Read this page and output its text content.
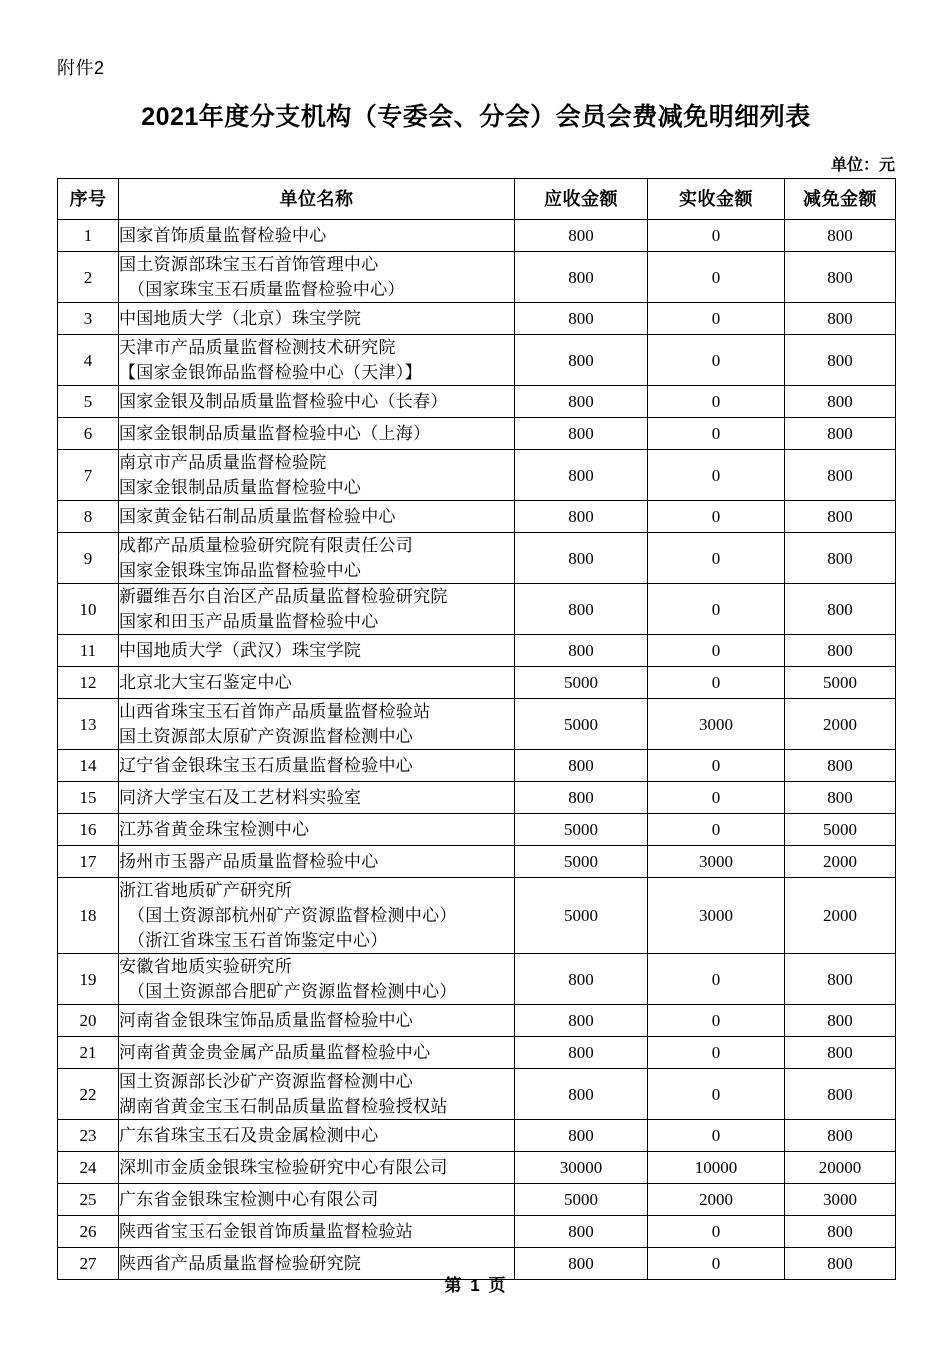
附件2
2021年度分支机构（专委会、分会）会员会费减免明细列表
单位：元
序号	单位名称	应收金额	实收金额	减免金额
1	国家首饰质量监督检验中心	800	0	800
2	国土资源部珠宝玉石首饰管理中心
（国家珠宝玉石质量监督检验中心）	800	0	800
3	中国地质大学（北京）珠宝学院	800	0	800
4	天津市产品质量监督检测技术研究院
【国家金银饰品监督检验中心（天津）】	800	0	800
5	国家金银及制品质量监督检验中心（长春）	800	0	800
6	国家金银制品质量监督检验中心（上海）	800	0	800
7	南京市产品质量监督检验院
国家金银制品质量监督检验中心	800	0	800
8	国家黄金钻石制品质量监督检验中心	800	0	800
9	成都产品质量检验研究院有限责任公司
国家金银珠宝饰品监督检验中心	800	0	800
10	新疆维吾尔自治区产品质量监督检验研究院
国家和田玉产品质量监督检验中心	800	0	800
11	中国地质大学（武汉）珠宝学院	800	0	800
12	北京北大宝石鉴定中心	5000	0	5000
13	山西省珠宝玉石首饰产品质量监督检验站
国土资源部太原矿产资源监督检测中心	5000	3000	2000
14	辽宁省金银珠宝玉石质量监督检验中心	800	0	800
15	同济大学宝石及工艺材料实验室	800	0	800
16	江苏省黄金珠宝检测中心	5000	0	5000
17	扬州市玉器产品质量监督检验中心	5000	3000	2000
18	浙江省地质矿产研究所
（国土资源部杭州矿产资源监督检测中心）
（浙江省珠宝玉石首饰鉴定中心）	5000	3000	2000
19	安徽省地质实验研究所
（国土资源部合肥矿产资源监督检测中心）	800	0	800
20	河南省金银珠宝饰品质量监督检验中心	800	0	800
21	河南省黄金贵金属产品质量监督检验中心	800	0	800
22	国土资源部长沙矿产资源监督检测中心
湖南省黄金宝玉石制品质量监督检验授权站	800	0	800
23	广东省珠宝玉石及贵金属检测中心	800	0	800
24	深圳市金质金银珠宝检验研究中心有限公司	30000	10000	20000
25	广东省金银珠宝检测中心有限公司	5000	2000	3000
26	陕西省宝玉石金银首饰质量监督检验站	800	0	800
27	陕西省产品质量监督检验研究院	800	0	800
第 1 页
